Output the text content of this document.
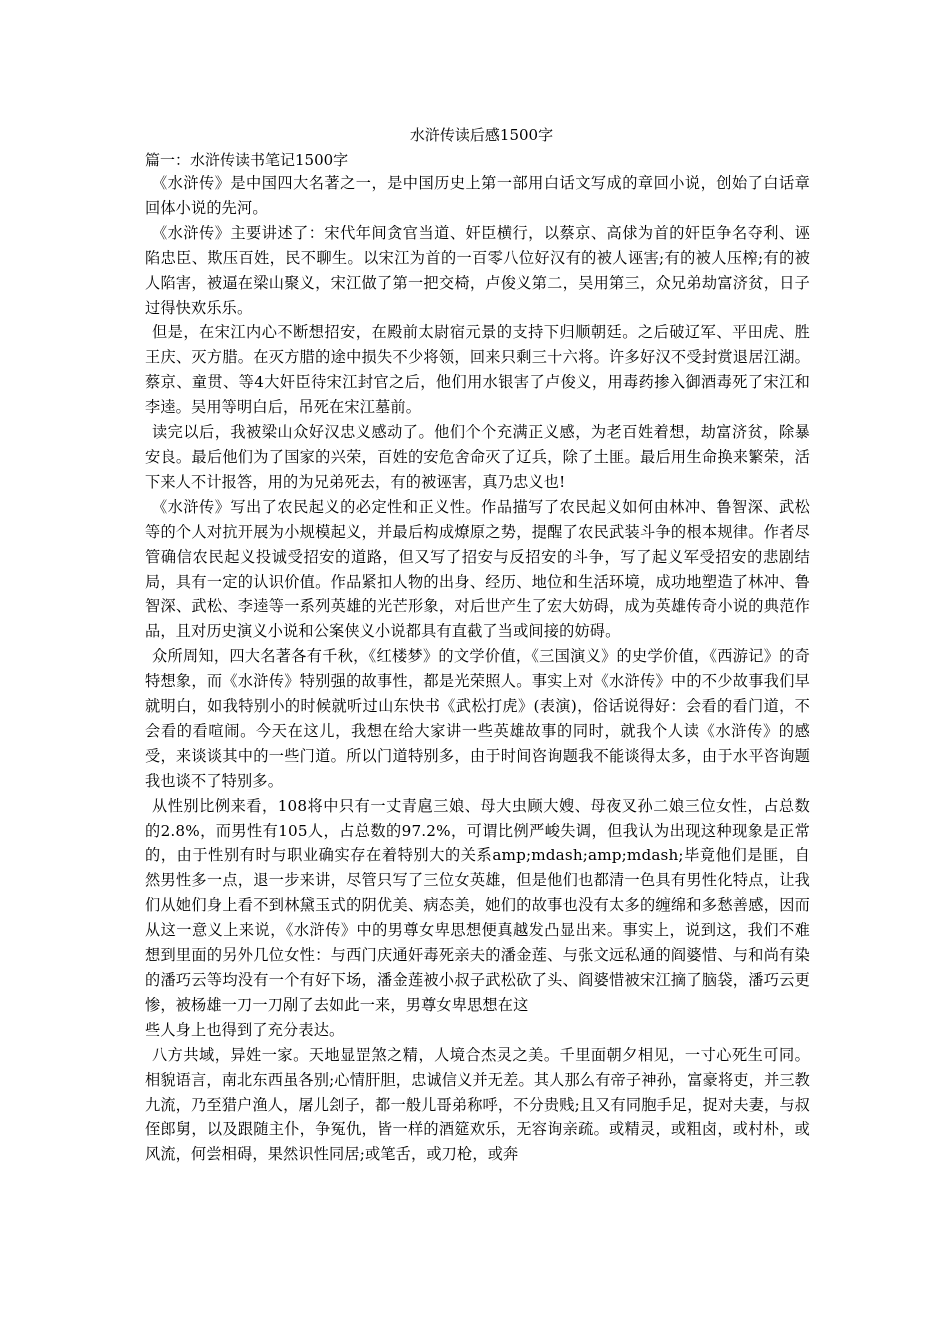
水浒传读后感1500字

篇一：水浒传读书笔记1500字

《水浒传》是中国四大名著之一，是中国历史上第一部用白话文写成的章回小说，创始了白话章回体小说的先河。

《水浒传》主要讲述了：宋代年间贪官当道、奸臣横行，以蔡京、高俅为首的奸臣争名夺利、诬陷忠臣、欺压百姓，民不聊生。以宋江为首的一百零八位好汉有的被人诬害;有的被人压榨;有的被人陷害，被逼在梁山聚义，宋江做了第一把交椅，卢俊义第二，吴用第三，众兄弟劫富济贫，日子过得快欢乐乐。

但是，在宋江内心不断想招安，在殿前太尉宿元景的支持下归顺朝廷。之后破辽军、平田虎、胜王庆、灭方腊。在灭方腊的途中损失不少将领，回来只剩三十六将。许多好汉不受封赏退居江湖。蔡京、童贯、等4大奸臣待宋江封官之后，他们用水银害了卢俊义，用毒药掺入御酒毒死了宋江和李逵。吴用等明白后，吊死在宋江墓前。

读完以后，我被梁山众好汉忠义感动了。他们个个充满正义感，为老百姓着想，劫富济贫，除暴安良。最后他们为了国家的兴荣，百姓的安危舍命灭了辽兵，除了土匪。最后用生命换来繁荣，活下来人不计报答，用的为兄弟死去，有的被诬害，真乃忠义也!

《水浒传》写出了农民起义的必定性和正义性。作品描写了农民起义如何由林冲、鲁智深、武松等的个人对抗开展为小规模起义，并最后构成燎原之势，提醒了农民武装斗争的根本规律。作者尽管确信农民起义投诚受招安的道路，但又写了招安与反招安的斗争，写了起义军受招安的悲剧结局，具有一定的认识价值。作品紧扣人物的出身、经历、地位和生活环境，成功地塑造了林冲、鲁智深、武松、李逵等一系列英雄的光芒形象，对后世产生了宏大妨碍，成为英雄传奇小说的典范作品，且对历史演义小说和公案侠义小说都具有直截了当或间接的妨碍。

众所周知，四大名著各有千秋，《红楼梦》的文学价值，《三国演义》的史学价值，《西游记》的奇特想象，而《水浒传》特别强的故事性，都是光荣照人。事实上对《水浒传》中的不少故事我们早就明白，如我特别小的时候就听过山东快书《武松打虎》(表演)，俗话说得好：会看的看门道，不会看的看喧闹。今天在这儿，我想在给大家讲一些英雄故事的同时，就我个人读《水浒传》的感受，来谈谈其中的一些门道。所以门道特别多，由于时间咨询题我不能谈得太多，由于水平咨询题我也谈不了特别多。

从性别比例来看，108将中只有一丈青扈三娘、母大虫顾大嫂、母夜叉孙二娘三位女性，占总数的2.8%，而男性有105人，占总数的97.2%，可谓比例严峻失调，但我认为出现这种现象是正常的，由于性别有时与职业确实存在着特别大的关系amp;mdash;amp;mdash;毕竟他们是匪，自然男性多一点，退一步来讲，尽管只写了三位女英雄，但是他们也都清一色具有男性化特点，让我们从她们身上看不到林黛玉式的阴优美、病态美，她们的故事也没有太多的缠绵和多愁善感，因而从这一意义上来说，《水浒传》中的男尊女卑思想便真越发凸显出来。事实上，说到这，我们不难想到里面的另外几位女性：与西门庆通奸毒死亲夫的潘金莲、与张文远私通的阎婆惜、与和尚有染的潘巧云等均没有一个有好下场，潘金莲被小叔子武松砍了头、阎婆惜被宋江摘了脑袋，潘巧云更惨，被杨雄一刀一刀剐了去如此一来，男尊女卑思想在这

些人身上也得到了充分表达。

八方共域，异姓一家。天地显罡煞之精，人境合杰灵之美。千里面朝夕相见，一寸心死生可同。相貌语言，南北东西虽各别;心情肝胆，忠诚信义并无差。其人那么有帝子神孙，富豪将吏，并三教九流，乃至猎户渔人，屠儿刽子，都一般儿哥弟称呼，不分贵贱;且又有同胞手足，捉对夫妻，与叔侄郎舅，以及跟随主仆，争冤仇，皆一样的酒筵欢乐，无容询亲疏。或精灵，或粗卤，或村朴，或风流，何尝相碍，果然识性同居;或笔舌，或刀枪，或奔
